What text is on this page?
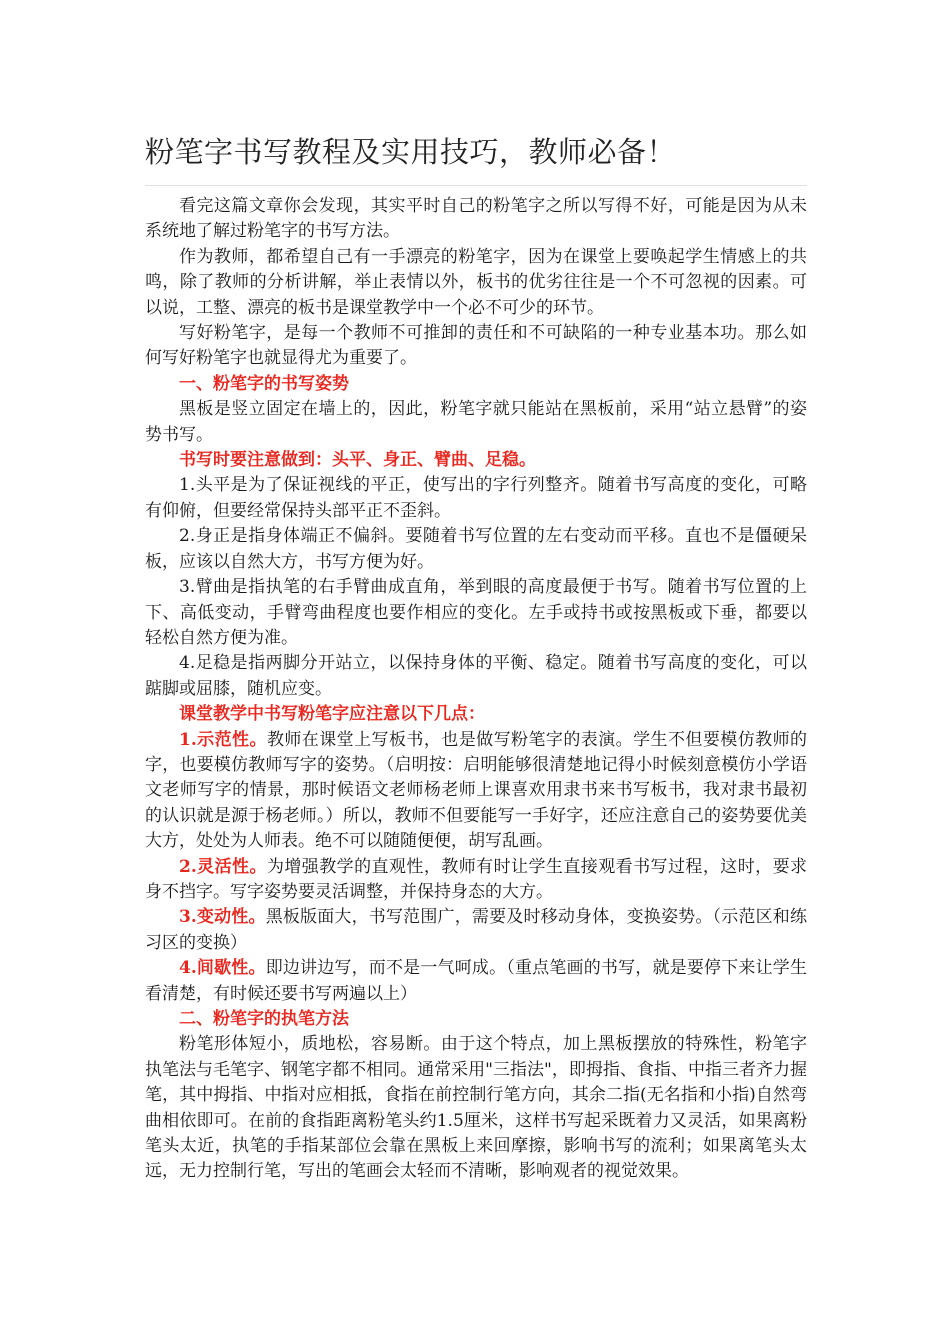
粉笔字书写教程及实用技巧，教师必备！

看完这篇文章你会发现，其实平时自己的粉笔字之所以写得不好，可能是因为从未系统地了解过粉笔字的书写方法。

作为教师，都希望自己有一手漂亮的粉笔字，因为在课堂上要唤起学生情感上的共鸣，除了教师的分析讲解，举止表情以外，板书的优劣往往是一个不可忽视的因素。可以说，工整、漂亮的板书是课堂教学中一个必不可少的环节。

写好粉笔字，是每一个教师不可推卸的责任和不可缺陷的一种专业基本功。那么如何写好粉笔字也就显得尤为重要了。

一、粉笔字的书写姿势

黑板是竖立固定在墙上的，因此，粉笔字就只能站在黑板前，采用“站立悬臂”的姿势书写。

书写时要注意做到：头平、身正、臂曲、足稳。

1.头平是为了保证视线的平正，使写出的字行列整齐。随着书写高度的变化，可略有仰俯，但要经常保持头部平正不歪斜。

2.身正是指身体端正不偏斜。要随着书写位置的左右变动而平移。直也不是僵硬呆板，应该以自然大方，书写方便为好。

3.臂曲是指执笔的右手臂曲成直角，举到眼的高度最便于书写。随着书写位置的上下、高低变动，手臂弯曲程度也要作相应的变化。左手或持书或按黑板或下垂，都要以轻松自然方便为准。

4.足稳是指两脚分开站立，以保持身体的平衡、稳定。随着书写高度的变化，可以踮脚或屈膝，随机应变。

课堂教学中书写粉笔字应注意以下几点：

1.示范性。教师在课堂上写板书，也是做写粉笔字的表演。学生不但要模仿教师的字，也要模仿教师写字的姿势。（启明按：启明能够很清楚地记得小时候刻意模仿小学语文老师写字的情景，那时候语文老师杨老师上课喜欢用隶书来书写板书，我对隶书最初的认识就是源于杨老师。）所以，教师不但要能写一手好字，还应注意自己的姿势要优美大方，处处为人师表。绝不可以随随便便，胡写乱画。

2.灵活性。为增强教学的直观性，教师有时让学生直接观看书写过程，这时，要求身不挡字。写字姿势要灵活调整，并保持身态的大方。

3.变动性。黑板版面大，书写范围广，需要及时移动身体，变换姿势。（示范区和练习区的变换）

4.间歇性。即边讲边写，而不是一气呵成。（重点笔画的书写，就是要停下来让学生看清楚，有时候还要书写两遍以上）

二、粉笔字的执笔方法

粉笔形体短小，质地松，容易断。由于这个特点，加上黑板摆放的特殊性，粉笔字执笔法与毛笔字、钢笔字都不相同。通常采用"三指法"，即拇指、食指、中指三者齐力握笔，其中拇指、中指对应相抵，食指在前控制行笔方向，其余二指(无名指和小指)自然弯曲相依即可。在前的食指距离粉笔头约1.5厘米，这样书写起采既着力又灵活，如果离粉笔头太近，执笔的手指某部位会靠在黑板上来回摩擦，影响书写的流利；如果离笔头太远，无力控制行笔，写出的笔画会太轻而不清晰，影响观者的视觉效果。
